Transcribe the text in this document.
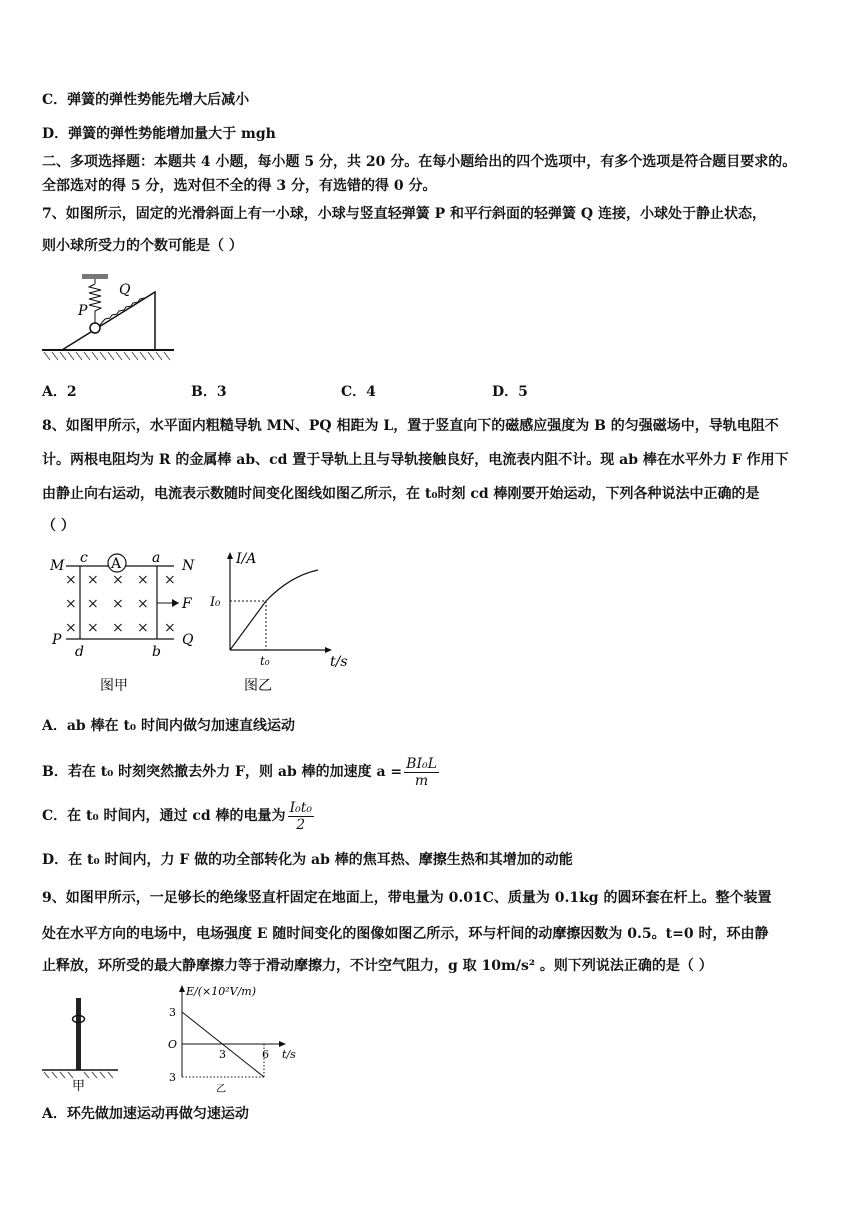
C．弹簧的弹性势能先增大后减小
D．弹簧的弹性势能增加量大于 mgh
二、多项选择题：本题共 4 小题，每小题 5 分，共 20 分。在每小题给出的四个选项中，有多个选项是符合题目要求的。
全部选对的得 5 分，选对但不全的得 3 分，有选错的得 0 分。
7、如图所示，固定的光滑斜面上有一小球，小球与竖直轻弹簧 P 和平行斜面的轻弹簧 Q 连接，小球处于静止状态，
则小球所受力的个数可能是（ ）
P
Q
A．2	B．3	C．4	D．5
8、如图甲所示，水平面内粗糙导轨 MN、PQ 相距为 L，置于竖直向下的磁感应强度为 B 的匀强磁场中，导轨电阻不
计。两根电阻均为 R 的金属棒 ab、cd 置于导轨上且与导轨接触良好，电流表内阻不计。现 ab 棒在水平外力 F 作用下
由静止向右运动，电流表示数随时间变化图线如图乙所示，在 t₀时刻 cd 棒刚要开始运动，下列各种说法中正确的是
（ ）
A
× × × × ×
× × × ×
× × × × ×
M	N
P	Q
c	a
d	b
F
图甲
I/A
t/s
I₀
t₀
图乙
A．ab 棒在 t₀ 时间内做匀加速直线运动
B．若在 t₀ 时刻突然撤去外力 F，则 ab 棒的加速度 $a = \frac{\text{BI₀L}}{m}$
C．在 t₀ 时间内，通过 cd 棒的电量为 $\frac{\text{I₀t₀}}{2}$
D．在 t₀ 时间内，力 F 做的功全部转化为 ab 棒的焦耳热、摩擦生热和其增加的动能
9、如图甲所示，一足够长的绝缘竖直杆固定在地面上，带电量为 0.01C、质量为 0.1kg 的圆环套在杆上。整个装置
处在水平方向的电场中，电场强度 E 随时间变化的图像如图乙所示，环与杆间的动摩擦因数为 0.5。t=0 时，环由静
止释放，环所受的最大静摩擦力等于滑动摩擦力，不计空气阻力，g 取 10m/s² 。则下列说法正确的是（ ）
甲
E/(×10²V/m)
3
3
O
3	6 t/s
乙
A．环先做加速运动再做匀速运动
